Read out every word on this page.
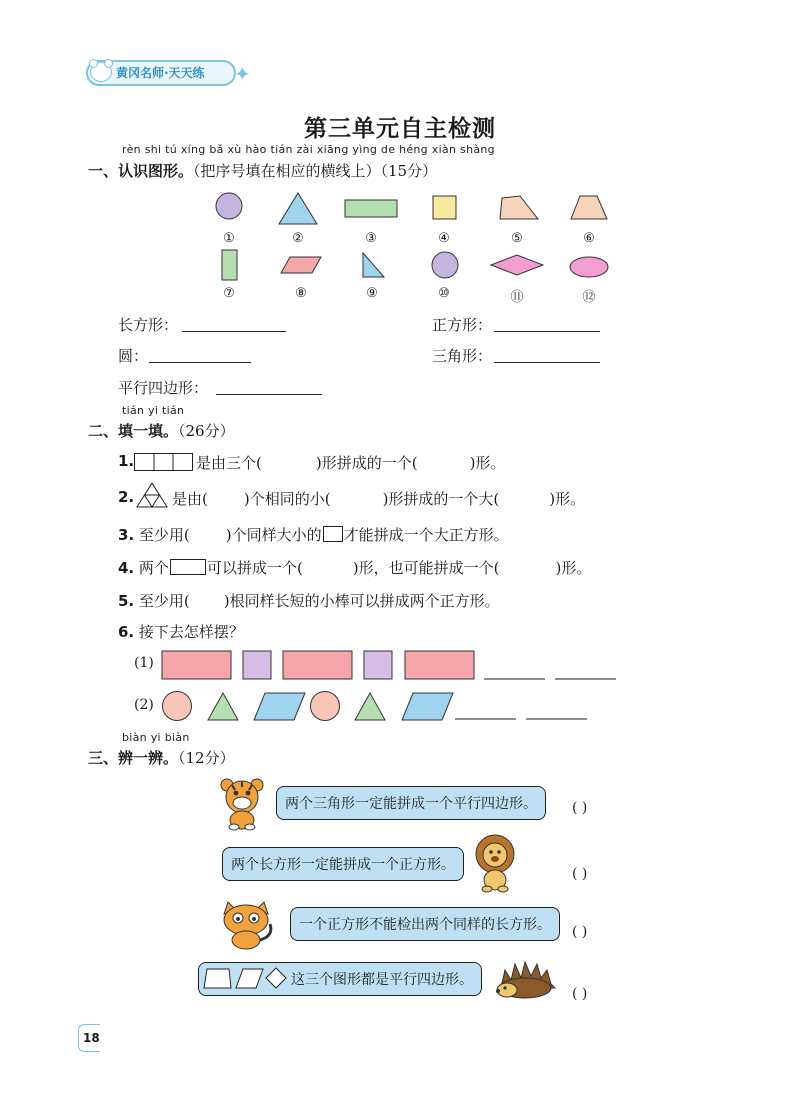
黄冈名师·天天练 ✦
第三单元自主检测
rèn shi tú xíng bǎ xù hào tián zài xiāng yìng de héng xiàn shàng
一、认识图形。（把序号填在相应的横线上）（15分）
①	②	③	④	⑤	⑥
⑦	⑧	⑨	⑩	⑪	⑫
长方形：	正方形：
圆：	三角形：
平行四边形：
tián yi tián
二、填一填。（26分）
1.	是由三个(	)形拼成的一个(	)形。
2.	是由( )个相同的小(	)形拼成的一个大(	)形。
3. 至少用( )个同样大小的 才能拼成一个大正方形。
4. 两个	可以拼成一个(	)形，也可能拼成一个(	)形。
5. 至少用( )根同样长短的小棒可以拼成两个正方形。
6. 接下去怎样摆？
(1)
(2)
biàn yi biàn
三、辨一辨。（12分）
两个三角形一定能拼成一个平行四边形。	( )
两个长方形一定能拼成一个正方形。
( )
一个正方形不能检出两个同样的长方形。	( )
这三个图形都是平行四边形。
( )
18
